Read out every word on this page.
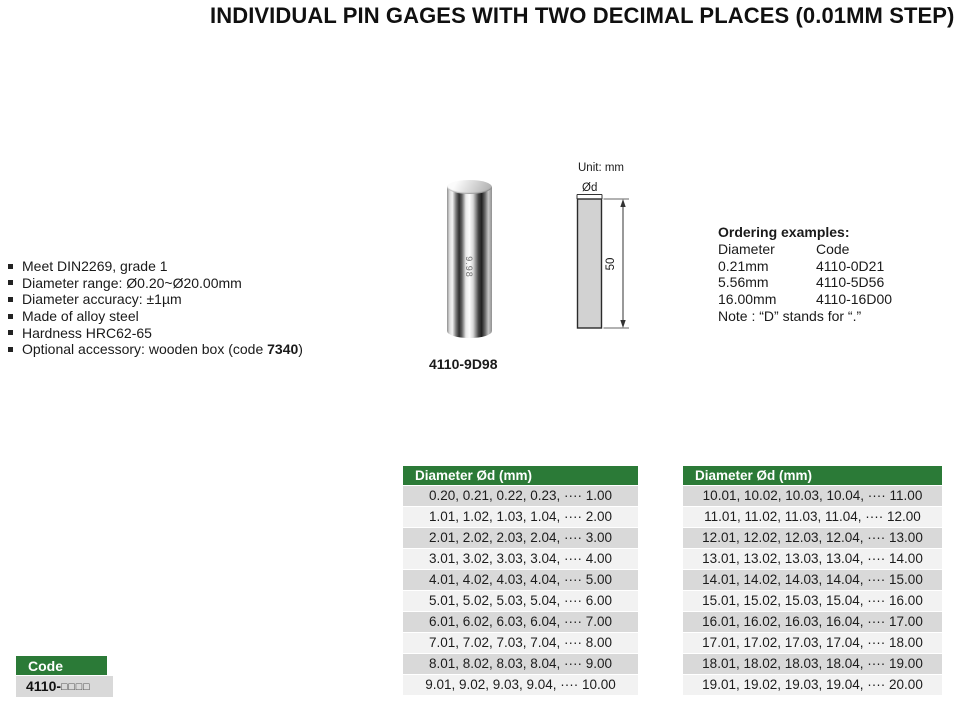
INDIVIDUAL PIN GAGES WITH TWO DECIMAL PLACES (0.01MM STEP)
Meet DIN2269, grade 1
Diameter range: Ø0.20~Ø20.00mm
Diameter accuracy: ±1µm
Made of alloy steel
Hardness HRC62-65
Optional accessory: wooden box (code 7340)
9.98
4110-9D98
Unit: mm
Ød
50
Ordering examples:
Diameter	Code
0.21mm	4110-0D21
5.56mm	4110-5D56
16.00mm	4110-16D00
Note : “D” stands for “.”
Diameter Ød (mm)
0.20, 0.21, 0.22, 0.23, ···· 1.00
1.01, 1.02, 1.03, 1.04, ···· 2.00
2.01, 2.02, 2.03, 2.04, ···· 3.00
3.01, 3.02, 3.03, 3.04, ···· 4.00
4.01, 4.02, 4.03, 4.04, ···· 5.00
5.01, 5.02, 5.03, 5.04, ···· 6.00
6.01, 6.02, 6.03, 6.04, ···· 7.00
7.01, 7.02, 7.03, 7.04, ···· 8.00
8.01, 8.02, 8.03, 8.04, ···· 9.00
9.01, 9.02, 9.03, 9.04, ···· 10.00
Diameter Ød (mm)
10.01, 10.02, 10.03, 10.04, ···· 11.00
11.01, 11.02, 11.03, 11.04, ···· 12.00
12.01, 12.02, 12.03, 12.04, ···· 13.00
13.01, 13.02, 13.03, 13.04, ···· 14.00
14.01, 14.02, 14.03, 14.04, ···· 15.00
15.01, 15.02, 15.03, 15.04, ···· 16.00
16.01, 16.02, 16.03, 16.04, ···· 17.00
17.01, 17.02, 17.03, 17.04, ···· 18.00
18.01, 18.02, 18.03, 18.04, ···· 19.00
19.01, 19.02, 19.03, 19.04, ···· 20.00
Code
4110-□□□□
